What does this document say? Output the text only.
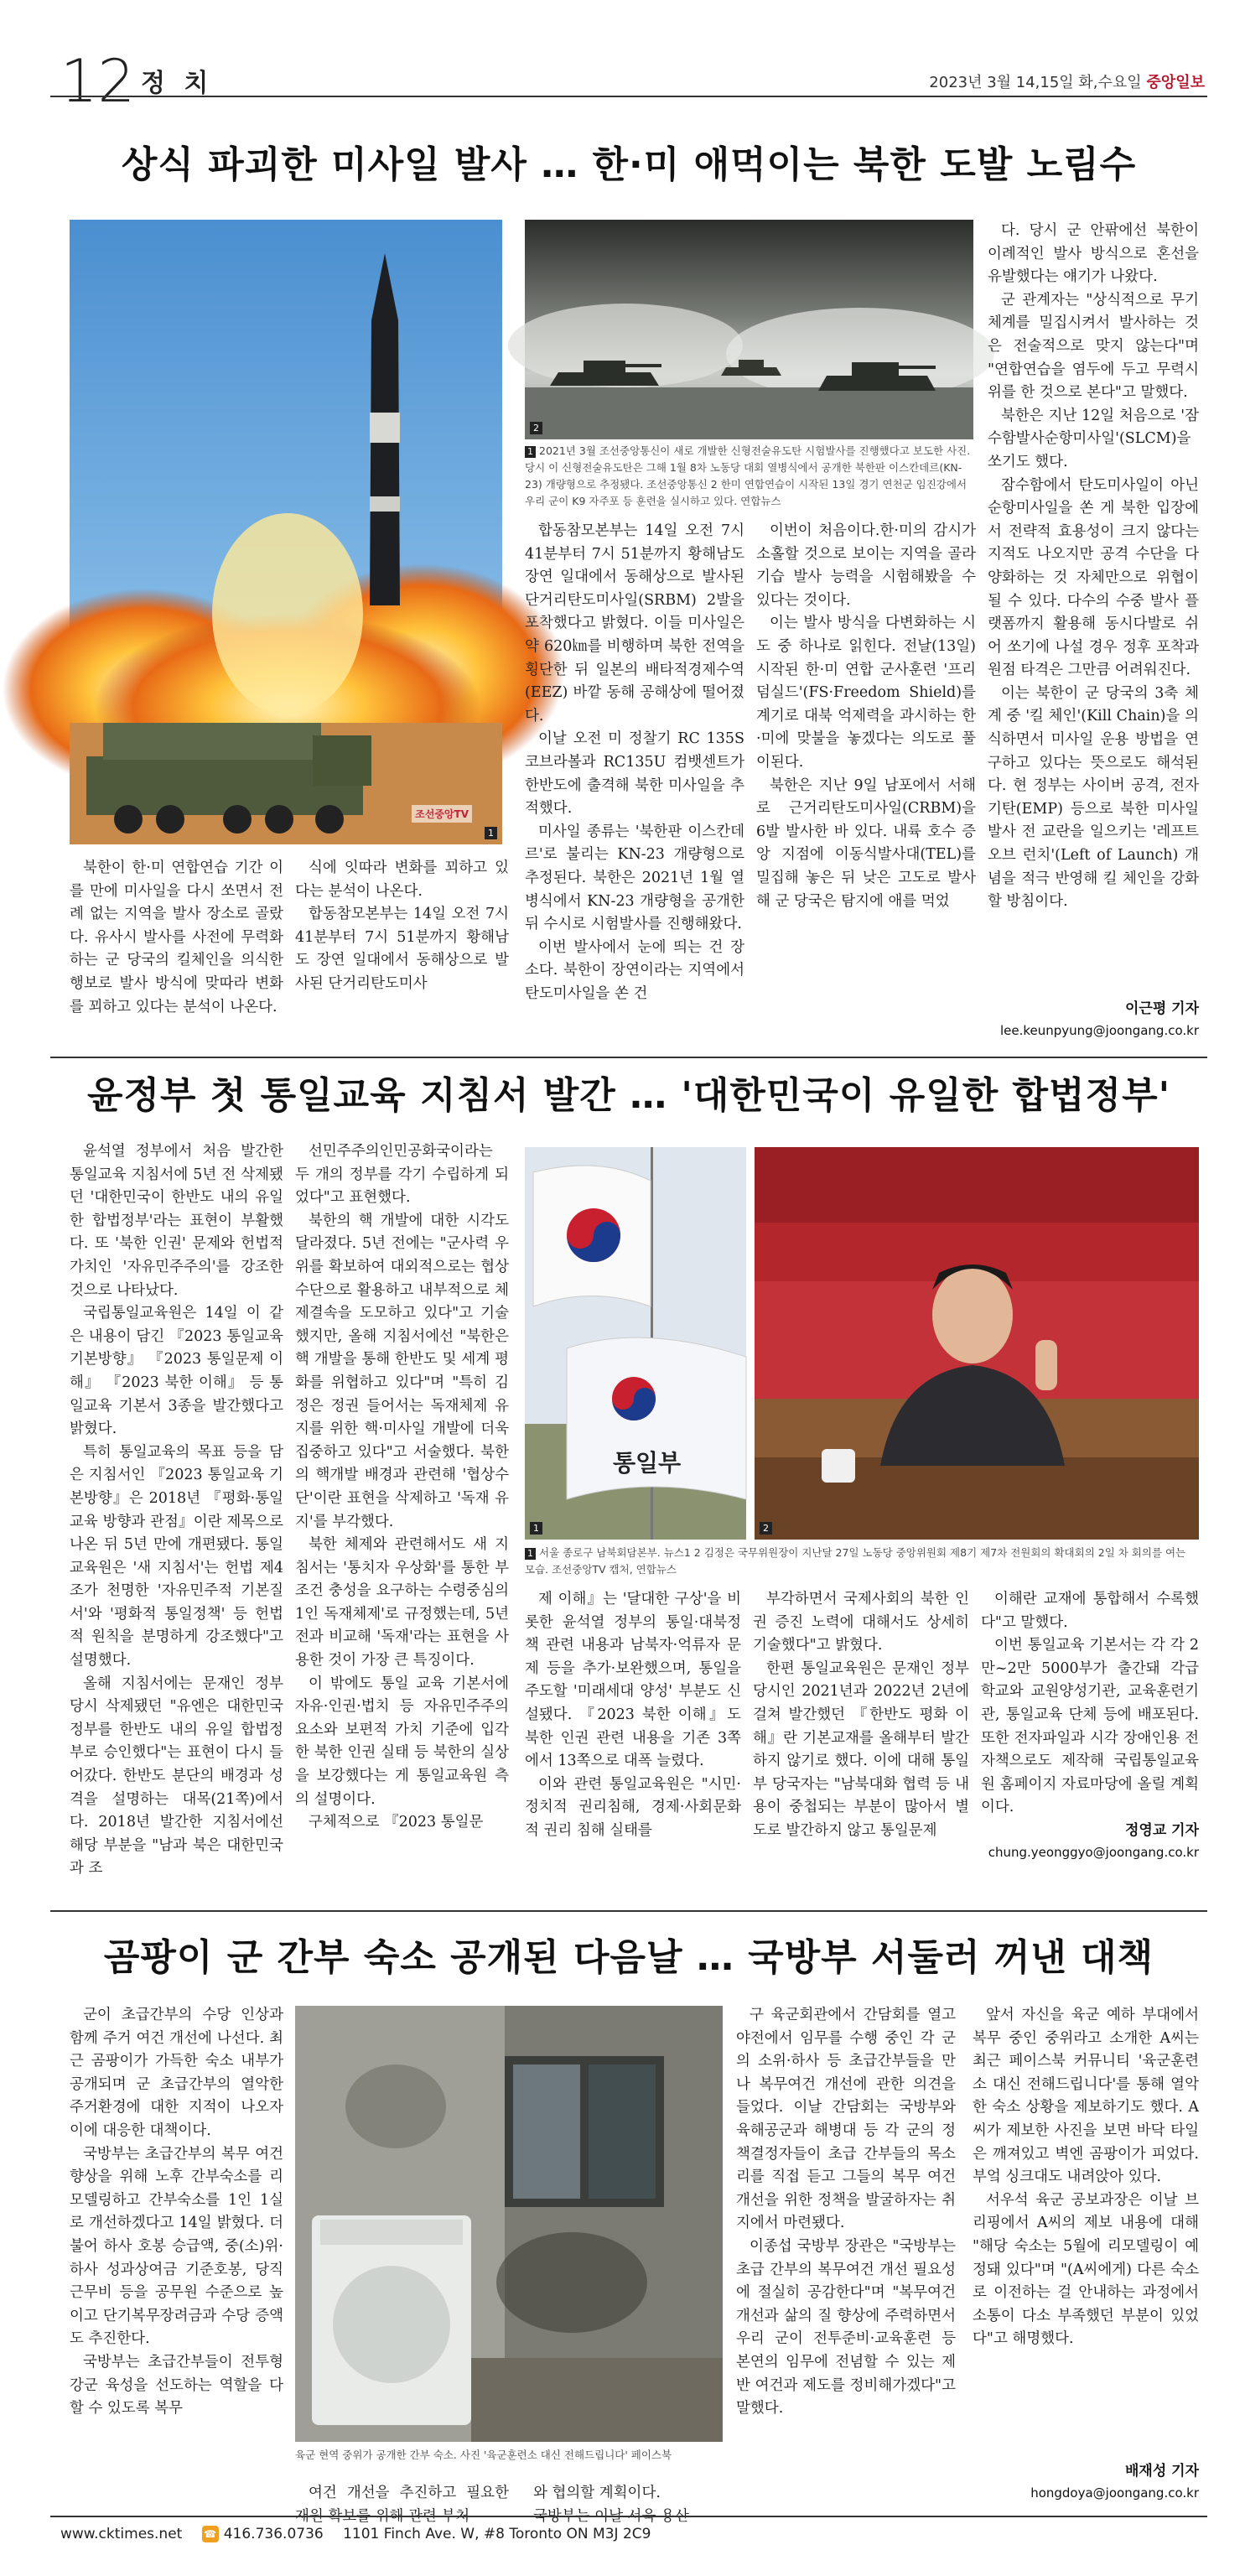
12 정 치	2023년 3월 14,15일 화,수요일 중앙일보
상식 파괴한 미사일 발사 … 한·미 애먹이는 북한 도발 노림수
조선중앙TV
1
2
1 2021년 3월 조선중앙통신이 새로 개발한 신형전술유도탄 시험발사를 진행했다고 보도한 사진. 당시 이 신형전술유도탄은 그해 1월 8차 노동당 대회 열병식에서 공개한 북한판 이스칸데르(KN-23) 개량형으로 추정됐다. 조선중앙통신 2 한미 연합연습이 시작된 13일 경기 연천군 임진강에서 우리 군이 K9 자주포 등 훈련을 실시하고 있다. 연합뉴스

북한이 한·미 연합연습 기간 이를 만에 미사일을 다시 쏘면서 전례 없는 지역을 발사 장소로 골랐다. 유사시 발사를 사전에 무력화하는 군 당국의 킬체인을 의식한 행보로 발사 방식에 맞따라 변화를 꾀하고 있다는 분석이 나온다.

식에 잇따라 변화를 꾀하고 있다는 분석이 나온다.

합동참모본부는 14일 오전 7시 41분부터 7시 51분까지 황해남도 장연 일대에서 동해상으로 발사된 단거리탄도미사

합동참모본부는 14일 오전 7시 41분부터 7시 51분까지 황해남도 장연 일대에서 동해상으로 발사된 단거리탄도미사일(SRBM) 2발을 포착했다고 밝혔다. 이들 미사일은 약 620㎞를 비행하며 북한 전역을 횡단한 뒤 일본의 배타적경제수역(EEZ) 바깥 동해 공해상에 떨어졌다.

이날 오전 미 정찰기 RC 135S 코브라볼과 RC135U 컴뱃센트가 한반도에 출격해 북한 미사일을 추적했다.

미사일 종류는 '북한판 이스칸데르'로 불리는 KN-23 개량형으로 추정된다. 북한은 2021년 1월 열병식에서 KN-23 개량형을 공개한 뒤 수시로 시험발사를 진행해왔다.

이번 발사에서 눈에 띄는 건 장소다. 북한이 장연이라는 지역에서 탄도미사일을 쏜 건

이번이 처음이다.한·미의 감시가 소홀할 것으로 보이는 지역을 골라 기습 발사 능력을 시험해봤을 수 있다는 것이다.

이는 발사 방식을 다변화하는 시도 중 하나로 읽힌다. 전날(13일) 시작된 한·미 연합 군사훈련 '프리덤실드'(FS·Freedom Shield)를 계기로 대북 억제력을 과시하는 한·미에 맞불을 놓겠다는 의도로 풀이된다.

북한은 지난 9일 남포에서 서해로 근거리탄도미사일(CRBM)을 6발 발사한 바 있다. 내륙 호수 증앙 지점에 이동식발사대(TEL)를 밀집해 놓은 뒤 낮은 고도로 발사해 군 당국은 탐지에 애를 먹었

다. 당시 군 안팎에선 북한이 이례적인 발사 방식으로 혼선을 유발했다는 얘기가 나왔다.

군 관계자는 "상식적으로 무기체계를 밀집시켜서 발사하는 것은 전술적으로 맞지 않는다"며 "연합연습을 염두에 두고 무력시위를 한 것으로 본다"고 말했다.

북한은 지난 12일 처음으로 '잠수함발사순항미사일'(SLCM)을 쏘기도 했다.

잠수함에서 탄도미사일이 아닌 순항미사일을 쏜 게 북한 입장에서 전략적 효용성이 크지 않다는 지적도 나오지만 공격 수단을 다양화하는 것 자체만으로 위협이 될 수 있다. 다수의 수중 발사 플랫폼까지 활용해 동시다발로 쉬어 쏘기에 나설 경우 정후 포착과 원점 타격은 그만큼 어려워진다.

이는 북한이 군 당국의 3축 체계 중 '킬 체인'(Kill Chain)을 의식하면서 미사일 운용 방법을 연구하고 있다는 뜻으로도 해석된다. 현 정부는 사이버 공격, 전자기탄(EMP) 등으로 북한 미사일 발사 전 교란을 일으키는 '레프트 오브 런치'(Left of Launch) 개념을 적극 반영해 킬 체인을 강화할 방침이다.

이근평 기자
lee.keunpyung@joongang.co.kr
윤정부 첫 통일교육 지침서 발간 … '대한민국이 유일한 합법정부'

윤석열 정부에서 처음 발간한 통일교육 지침서에 5년 전 삭제됐던 '대한민국이 한반도 내의 유일한 합법정부'라는 표현이 부활했다. 또 '북한 인권' 문제와 헌법적 가치인 '자유민주주의'를 강조한 것으로 나타났다.

국립통일교육원은 14일 이 같은 내용이 담긴 『2023 통일교육 기본방향』 『2023 통일문제 이해』 『2023 북한 이해』 등 통일교육 기본서 3종을 발간했다고 밝혔다.

특히 통일교육의 목표 등을 담은 지침서인 『2023 통일교육 기본방향』은 2018년 『평화·통일교육 방향과 관점』이란 제목으로 나온 뒤 5년 만에 개편됐다. 통일교육원은 '새 지침서'는 헌법 제4조가 천명한 '자유민주적 기본질서'와 '평화적 통일정책' 등 헌법적 원칙을 분명하게 강조했다"고 설명했다.

올해 지침서에는 문재인 정부 당시 삭제됐던 "유엔은 대한민국 정부를 한반도 내의 유일 합법정부로 승인했다"는 표현이 다시 들어갔다. 한반도 분단의 배경과 성격을 설명하는 대목(21쪽)에서다. 2018년 발간한 지침서에선 해당 부분을 "남과 북은 대한민국과 조

선민주주의인민공화국이라는 두 개의 정부를 각기 수립하게 되었다"고 표현했다.

북한의 핵 개발에 대한 시각도 달라졌다. 5년 전에는 "군사력 우위를 확보하여 대외적으로는 협상수단으로 활용하고 내부적으로 체제결속을 도모하고 있다"고 기술했지만, 올해 지침서에선 "북한은 핵 개발을 통해 한반도 및 세계 평화를 위협하고 있다"며 "특히 김정은 정권 들어서는 독재체제 유지를 위한 핵·미사일 개발에 더욱 집중하고 있다"고 서술했다. 북한의 핵개발 배경과 관련해 '협상수단'이란 표현을 삭제하고 '독재 유지'를 부각했다.

북한 체제와 관련해서도 새 지침서는 '통치자 우상화'를 통한 부조건 충성을 요구하는 수령중심의 1인 독재체제'로 규정했는데, 5년 전과 비교해 '독재'라는 표현을 사용한 것이 가장 큰 특징이다.

이 밖에도 통일 교육 기본서에 자유·인권·법치 등 자유민주주의 요소와 보편적 가치 기준에 입각한 북한 인권 실태 등 북한의 실상을 보강했다는 게 통일교육원 측의 설명이다.

구체적으로 『2023 통일문

통일부
1	2
1 서울 종로구 남북회담본부. 뉴스1 2 김정은 국무위원장이 지난달 27일 노동당 중앙위원회 제8기 제7차 전원회의 확대회의 2일 차 회의를 여는 모습. 조선중앙TV 캡처, 연합뉴스

제 이해』는 '달대한 구상'을 비롯한 윤석열 정부의 통일·대북정책 관련 내용과 남북자·억류자 문제 등을 추가·보완했으며, 통일을 주도할 '미래세대 양성' 부분도 신설됐다. 『2023 북한 이해』도 북한 인권 관련 내용을 기존 3쪽에서 13쪽으로 대폭 늘렸다.

이와 관련 통일교육원은 "시민·정치적 권리침해, 경제·사회문화적 권리 침해 실태를

부각하면서 국제사회의 북한 인권 증진 노력에 대해서도 상세히 기술했다"고 밝혔다.

한편 통일교육원은 문재인 정부 당시인 2021년과 2022년 2년에 걸쳐 발간했던 『한반도 평화 이해』란 기본교재를 올해부터 발간하지 않기로 했다. 이에 대해 통일부 당국자는 "남북대화 협력 등 내용이 중첩되는 부분이 많아서 별도로 발간하지 않고 통일문제

이해란 교재에 통합해서 수록했다"고 말했다.

이번 통일교육 기본서는 각 각 2만~2만 5000부가 출간돼 각급 학교와 교원양성기관, 교육훈련기관, 통일교육 단체 등에 배포된다. 또한 전자파일과 시각 장애인용 전자책으로도 제작해 국립통일교육원 홈페이지 자료마당에 올릴 계획이다.

정영교 기자
chung.yeonggyo@joongang.co.kr
곰팡이 군 간부 숙소 공개된 다음날 … 국방부 서둘러 꺼낸 대책

군이 초급간부의 수당 인상과 함께 주거 여건 개선에 나선다. 최근 곰팡이가 가득한 숙소 내부가 공개되며 군 초급간부의 열악한 주거환경에 대한 지적이 나오자 이에 대응한 대책이다.

국방부는 초급간부의 복무 여건 향상을 위해 노후 간부숙소를 리모델링하고 간부숙소를 1인 1실로 개선하겠다고 14일 밝혔다. 더불어 하사 호봉 승급액, 중(소)위·하사 성과상여금 기준호봉, 당직근무비 등을 공무원 수준으로 높이고 단기복무장려금과 수당 증액도 추진한다.

국방부는 초급간부들이 전투형 강군 육성을 선도하는 역할을 다할 수 있도록 복무

육군 현역 중위가 공개한 간부 숙소. 사진 '육군훈련소 대신 전해드립니다' 페이스북

여건 개선을 추진하고 필요한 재원 확보를 위해 관련 부처

와 협의할 계획이다.

국방부는 이날 서욱 용산

구 육군회관에서 간담회를 열고 야전에서 임무를 수행 중인 각 군의 소위·하사 등 초급간부들을 만나 복무여건 개선에 관한 의견을 들었다. 이날 간담회는 국방부와 육해공군과 해병대 등 각 군의 정책결정자들이 초급 간부들의 목소리를 직접 듣고 그들의 복무 여건 개선을 위한 정책을 발굴하자는 취지에서 마련됐다.

이종섭 국방부 장관은 "국방부는 초급 간부의 복무여건 개선 필요성에 절실히 공감한다"며 "복무여건 개선과 삶의 질 향상에 주력하면서 우리 군이 전투준비·교육훈련 등 본연의 임무에 전념할 수 있는 제반 여건과 제도를 정비해가겠다"고 말했다.

앞서 자신을 육군 예하 부대에서 복무 중인 중위라고 소개한 A씨는 최근 페이스북 커뮤니티 '육군훈련소 대신 전해드립니다'를 통해 열악한 숙소 상황을 제보하기도 했다. A씨가 제보한 사진을 보면 바닥 타일은 깨져있고 벽엔 곰팡이가 피었다. 부엌 싱크대도 내려앉아 있다.

서우석 육군 공보과장은 이날 브리핑에서 A씨의 제보 내용에 대해 "해당 숙소는 5월에 리모델링이 예정돼 있다"며 "(A씨에게) 다른 숙소로 이전하는 걸 안내하는 과정에서 소통이 다소 부족했던 부분이 있었다"고 해명했다.

배재성 기자
hongdoya@joongang.co.kr
www.cktimes.net ☎ 416.736.0736 1101 Finch Ave. W, #8 Toronto ON M3J 2C9
